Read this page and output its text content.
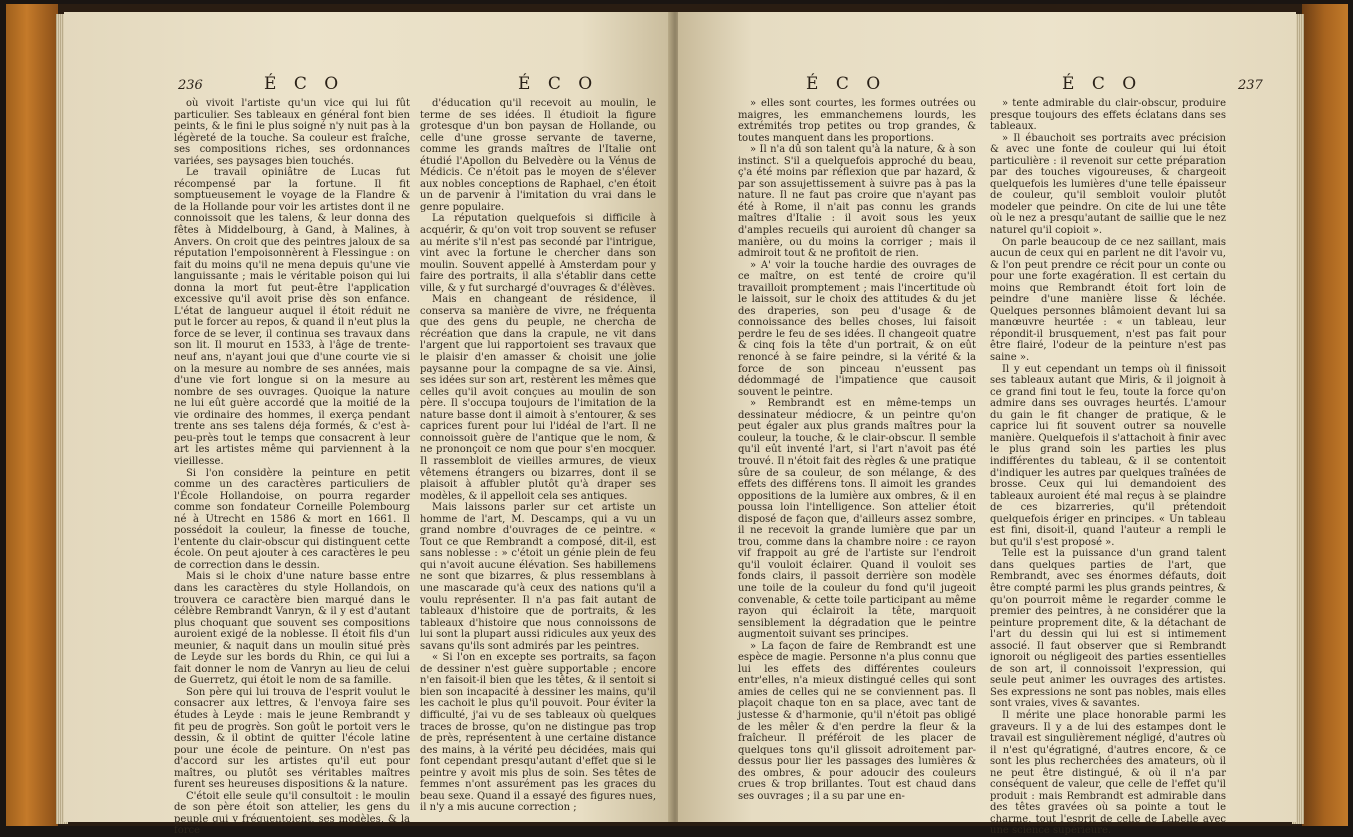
236	É C O	É C O

où vivoit l'artiste qu'un vice qui lui fût particulier. Ses tableaux en général font bien peints, & le fini le plus soigné n'y nuit pas à la légèreté de la touche. Sa couleur est fraîche, ses compositions riches, ses ordonnances variées, ses paysages bien touchés.

Le travail opiniâtre de Lucas fut récompensé par la fortune. Il fit somptueusement le voyage de la Flandre & de la Hollande pour voir les artistes dont il ne connoissoit que les talens, & leur donna des fêtes à Middelbourg, à Gand, à Malines, à Anvers. On croit que des peintres jaloux de sa réputation l'empoisonnèrent à Flessingue : on fait du moins qu'il ne mena depuis qu'une vie languissante ; mais le véritable poison qui lui donna la mort fut peut-être l'application excessive qu'il avoit prise dès son enfance. L'état de langueur auquel il étoit réduit ne put le forcer au repos, & quand il n'eut plus la force de se lever, il continua ses travaux dans son lit. Il mourut en 1533, à l'âge de trente-neuf ans, n'ayant joui que d'une courte vie si on la mesure au nombre de ses années, mais d'une vie fort longue si on la mesure au nombre de ses ouvrages. Quoique la nature ne lui eût guère accordé que la moitié de la vie ordinaire des hommes, il exerça pendant trente ans ses talens déja formés, & c'est à-peu-près tout le temps que consacrent à leur art les artistes même qui parviennent à la vieillesse.

Si l'on considère la peinture en petit comme un des caractères particuliers de l'École Hollandoise, on pourra regarder comme son fondateur Corneille Polembourg né à Utrecht en 1586 & mort en 1661. Il possédoit la couleur, la finesse de touche, l'entente du clair-obscur qui distinguent cette école. On peut ajouter à ces caractères le peu de correction dans le dessin.

Mais si le choix d'une nature basse entre dans les caractères du style Hollandois, on trouvera ce caractère bien marqué dans le célèbre Rembrandt Vanryn, & il y est d'autant plus choquant que souvent ses compositions auroient exigé de la noblesse. Il étoit fils d'un meunier, & naquit dans un moulin situé près de Leyde sur les bords du Rhin, ce qui lui a fait donner le nom de Vanryn au lieu de celui de Guerretz, qui étoit le nom de sa famille.

Son père qui lui trouva de l'esprit voulut le consacrer aux lettres, & l'envoya faire ses études à Leyde : mais le jeune Rembrandt y fit peu de progrès. Son goût le portoit vers le dessin, & il obtint de quitter l'école latine pour une école de peinture. On n'est pas d'accord sur les artistes qu'il eut pour maîtres, ou plutôt ses véritables maîtres furent ses heureuses dispositions & la nature.

C'étoit elle seule qu'il consultoit : le moulin de son père étoit son attelier, les gens du peuple qui y fréquentoient, ses modèles, & la force

d'éducation qu'il recevoit au moulin, le terme de ses idées. Il étudioit la figure grotesque d'un bon paysan de Hollande, ou celle d'une grosse servante de taverne, comme les grands maîtres de l'Italie ont étudié l'Apollon du Belvedère ou la Vénus de Médicis. Ce n'étoit pas le moyen de s'élever aux nobles conceptions de Raphael, c'en étoit un de parvenir à l'imitation du vrai dans le genre populaire.

La réputation quelquefois si difficile à acquérir, & qu'on voit trop souvent se refuser au mérite s'il n'est pas secondé par l'intrigue, vint avec la fortune le chercher dans son moulin. Souvent appellé à Amsterdam pour y faire des portraits, il alla s'établir dans cette ville, & y fut surchargé d'ouvrages & d'élèves.

Mais en changeant de résidence, il conserva sa manière de vivre, ne fréquenta que des gens du peuple, ne chercha de récréation que dans la crapule, ne vit dans l'argent que lui rapportoient ses travaux que le plaisir d'en amasser & choisit une jolie paysanne pour la compagne de sa vie. Ainsi, ses idées sur son art, restèrent les mêmes que celles qu'il avoit conçues au moulin de son père. Il s'occupa toujours de l'imitation de la nature basse dont il aimoit à s'entourer, & ses caprices furent pour lui l'idéal de l'art. Il ne connoissoit guère de l'antique que le nom, & ne prononçoit ce nom que pour s'en mocquer. Il rassembloit de vieilles armures, de vieux vêtemens étrangers ou bizarres, dont il se plaisoit à affubler plutôt qu'à draper ses modèles, & il appelloit cela ses antiques.

Mais laissons parler sur cet artiste un homme de l'art, M. Descamps, qui a vu un grand nombre d'ouvrages de ce peintre. « Tout ce que Rembrandt a composé, dit-il, est sans noblesse : » c'étoit un génie plein de feu qui n'avoit aucune élévation. Ses habillemens ne sont que bizarres, & plus ressemblans à une mascarade qu'à ceux des nations qu'il a voulu représenter. Il n'a pas fait autant de tableaux d'histoire que de portraits, & les tableaux d'histoire que nous connoissons de lui sont la plupart aussi ridicules aux yeux des savans qu'ils sont admirés par les peintres.

« Si l'on en excepte ses portraits, sa façon de dessiner n'est guère supportable ; encore n'en faisoit-il bien que les têtes, & il sentoit si bien son incapacité à dessiner les mains, qu'il les cachoit le plus qu'il pouvoit. Pour éviter la difficulté, j'ai vu de ses tableaux où quelques traces de brosse, qu'on ne distingue pas trop de près, représentent à une certaine distance des mains, à la vérité peu décidées, mais qui font cependant presqu'autant d'effet que si le peintre y avoit mis plus de soin. Ses têtes de femmes n'ont assurément pas les graces du beau sexe. Quand il a essayé des figures nues, il n'y a mis aucune correction ;

É C O	É C O	237

» elles sont courtes, les formes outrées ou maigres, les emmanchemens lourds, les extrémités trop petites ou trop grandes, & toutes manquent dans les proportions.

» Il n'a dû son talent qu'à la nature, & à son instinct. S'il a quelquefois approché du beau, ç'a été moins par réflexion que par hazard, & par son assujettissement à suivre pas à pas la nature. Il ne faut pas croire que n'ayant pas été à Rome, il n'ait pas connu les grands maîtres d'Italie : il avoit sous les yeux d'amples recueils qui auroient dû changer sa manière, ou du moins la corriger ; mais il admiroit tout & ne profitoit de rien.

» A' voir la touche hardie des ouvrages de ce maître, on est tenté de croire qu'il travailloit promptement ; mais l'incertitude où le laissoit, sur le choix des attitudes & du jet des draperies, son peu d'usage & de connoissance des belles choses, lui faisoit perdre le feu de ses idées. Il changeoit quatre & cinq fois la tête d'un portrait, & on eût renoncé à se faire peindre, si la vérité & la force de son pinceau n'eussent pas dédommagé de l'impatience que causoit souvent le peintre.

» Rembrandt est en même-temps un dessinateur médiocre, & un peintre qu'on peut égaler aux plus grands maîtres pour la couleur, la touche, & le clair-obscur. Il semble qu'il eût inventé l'art, si l'art n'avoit pas été trouvé. Il n'étoit fait des règles & une pratique sûre de sa couleur, de son mélange, & des effets des différens tons. Il aimoit les grandes oppositions de la lumière aux ombres, & il en poussa loin l'intelligence. Son attelier étoit disposé de façon que, d'ailleurs assez sombre, il ne recevoit la grande lumière que par un trou, comme dans la chambre noire : ce rayon vif frappoit au gré de l'artiste sur l'endroit qu'il vouloit éclairer. Quand il vouloit ses fonds clairs, il passoit derrière son modèle une toile de la couleur du fond qu'il jugeoit convenable, & cette toile participant au même rayon qui éclairoit la tête, marquoit sensiblement la dégradation que le peintre augmentoit suivant ses principes.

» La façon de faire de Rembrandt est une espèce de magie. Personne n'a plus connu que lui les effets des différentes couleurs entr'elles, n'a mieux distingué celles qui sont amies de celles qui ne se conviennent pas. Il plaçoit chaque ton en sa place, avec tant de justesse & d'harmonie, qu'il n'étoit pas obligé de les mêler & d'en perdre la fleur & la fraîcheur. Il préféroit de les placer de quelques tons qu'il glissoit adroitement par-dessus pour lier les passages des lumières & des ombres, & pour adoucir des couleurs crues & trop brillantes. Tout est chaud dans ses ouvrages ; il a su par une en-

» tente admirable du clair-obscur, produire presque toujours des effets éclatans dans ses tableaux.

» Il ébauchoit ses portraits avec précision & avec une fonte de couleur qui lui étoit particulière : il revenoit sur cette préparation par des touches vigoureuses, & chargeoit quelquefois les lumières d'une telle épaisseur de couleur, qu'il sembloit vouloir plutôt modeler que peindre. On cite de lui une tête où le nez a presqu'autant de saillie que le nez naturel qu'il copioit ».

On parle beaucoup de ce nez saillant, mais aucun de ceux qui en parlent ne dit l'avoir vu, & l'on peut prendre ce récit pour un conte ou pour une forte exagération. Il est certain du moins que Rembrandt étoit fort loin de peindre d'une manière lisse & léchée. Quelques personnes blâmoient devant lui sa manœuvre heurtée : « un tableau, leur répondit-il brusquement, n'est pas fait pour être flairé, l'odeur de la peinture n'est pas saine ».

Il y eut cependant un temps où il finissoit ses tableaux autant que Miris, & il joignoit à ce grand fini tout le feu, toute la force qu'on admire dans ses ouvrages heurtés. L'amour du gain le fit changer de pratique, & le caprice lui fit souvent outrer sa nouvelle manière. Quelquefois il s'attachoit à finir avec le plus grand soin les parties les plus indifférentes du tableau, & il se contentoit d'indiquer les autres par quelques traînées de brosse. Ceux qui lui demandoient des tableaux auroient été mal reçus à se plaindre de ces bizarreries, qu'il prétendoit quelquefois ériger en principes. « Un tableau est fini, disoit-il, quand l'auteur a rempli le but qu'il s'est proposé ».

Telle est la puissance d'un grand talent dans quelques parties de l'art, que Rembrandt, avec ses énormes défauts, doit être compté parmi les plus grands peintres, & qu'on pourroit même le regarder comme le premier des peintres, à ne considérer que la peinture proprement dite, & la détachant de l'art du dessin qui lui est si intimement associé. Il faut observer que si Rembrandt ignoroit ou négligeoit des parties essentielles de son art, il connoissoit l'expression, qui seule peut animer les ouvrages des artistes. Ses expressions ne sont pas nobles, mais elles sont vraies, vives & savantes.

Il mérite une place honorable parmi les graveurs. Il y a de lui des estampes dont le travail est singulièrement négligé, d'autres où il n'est qu'égratigné, d'autres encore, & ce sont les plus recherchées des amateurs, où il ne peut être distingué, & où il n'a par conséquent de valeur, que celle de l'effet qu'il produit : mais Rembrandt est admirable dans des têtes gravées où sa pointe a tout le charme, tout l'esprit de celle de Labelle avec une science supérieure.
